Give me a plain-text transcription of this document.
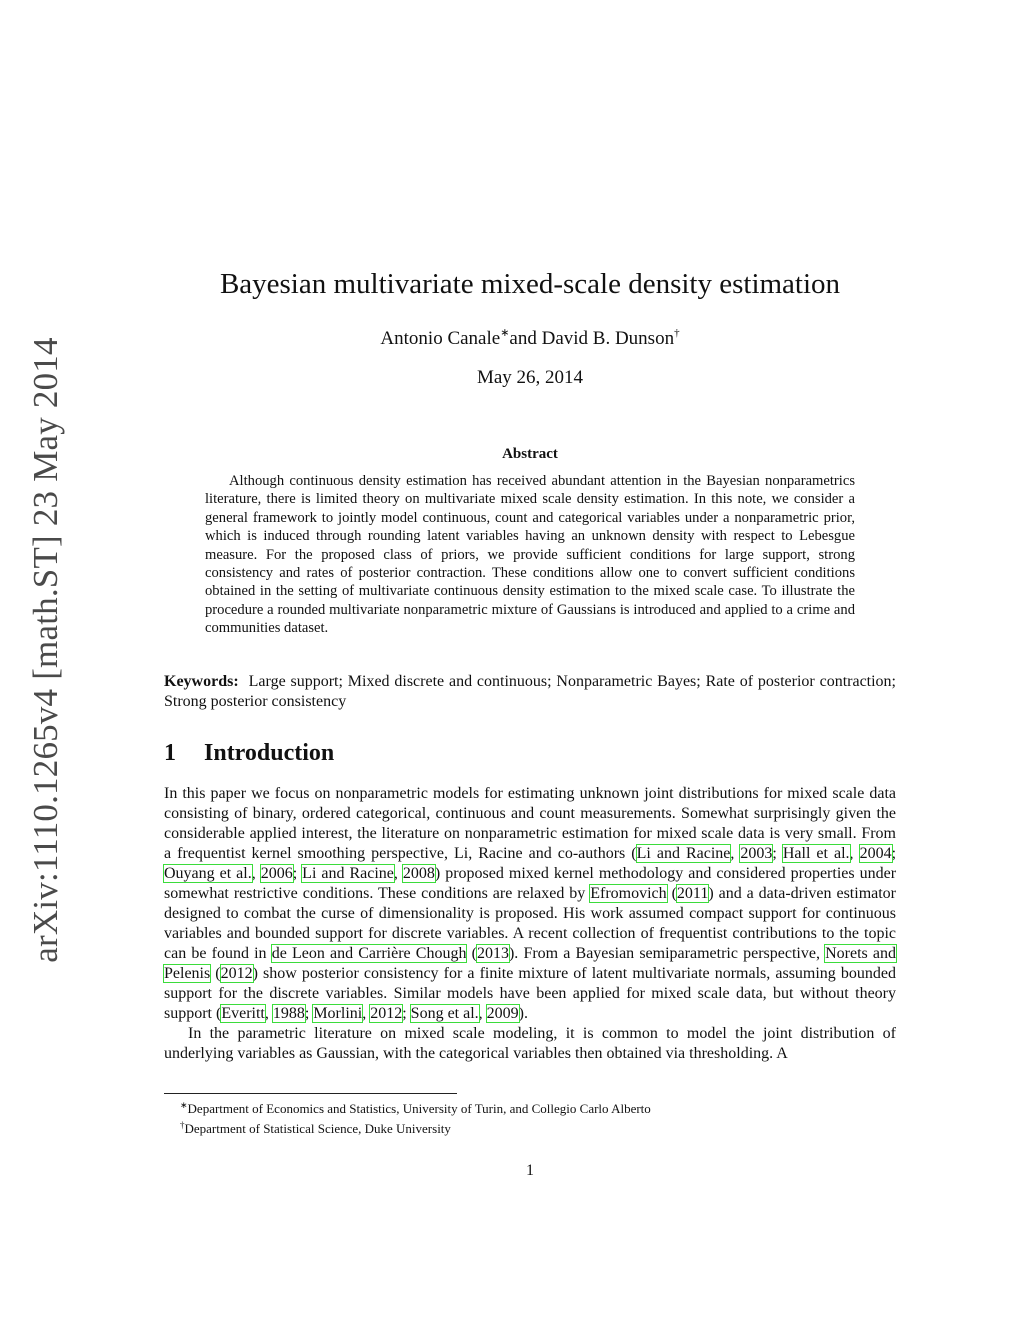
arXiv:1110.1265v4 [math.ST] 23 May 2014
Bayesian multivariate mixed-scale density estimation
Antonio Canale∗and David B. Dunson†
May 26, 2014
Abstract

Although continuous density estimation has received abundant attention in the Bayesian nonparametrics literature, there is limited theory on multivariate mixed scale density estimation. In this note, we consider a general framework to jointly model continuous, count and categorical variables under a nonparametric prior, which is induced through rounding latent variables having an unknown density with respect to Lebesgue measure. For the proposed class of priors, we provide sufficient conditions for large support, strong consistency and rates of posterior contraction. These conditions allow one to convert sufficient conditions obtained in the setting of multivariate continuous density estimation to the mixed scale case. To illustrate the procedure a rounded multivariate nonparametric mixture of Gaussians is introduced and applied to a crime and communities dataset.

Keywords: Large support; Mixed discrete and continuous; Nonparametric Bayes; Rate of posterior contraction; Strong posterior consistency

1 Introduction

In this paper we focus on nonparametric models for estimating unknown joint distributions for mixed scale data consisting of binary, ordered categorical, continuous and count measurements. Somewhat surprisingly given the considerable applied interest, the literature on nonparametric estimation for mixed scale data is very small. From a frequentist kernel smoothing perspective, Li, Racine and co-authors (Li and Racine, 2003; Hall et al., 2004; Ouyang et al., 2006; Li and Racine, 2008) proposed mixed kernel methodology and considered properties under somewhat restrictive conditions. These conditions are relaxed by Efromovich (2011) and a data-driven estimator designed to combat the curse of dimensionality is proposed. His work assumed compact support for continuous variables and bounded support for discrete variables. A recent collection of frequentist contributions to the topic can be found in de Leon and Carrière Chough (2013). From a Bayesian semiparametric perspective, Norets and Pelenis (2012) show posterior consistency for a finite mixture of latent multivariate normals, assuming bounded support for the discrete variables. Similar models have been applied for mixed scale data, but without theory support (Everitt, 1988; Morlini, 2012; Song et al., 2009).

In the parametric literature on mixed scale modeling, it is common to model the joint distribution of underlying variables as Gaussian, with the categorical variables then obtained via thresholding. A

∗Department of Economics and Statistics, University of Turin, and Collegio Carlo Alberto
†Department of Statistical Science, Duke University
1
